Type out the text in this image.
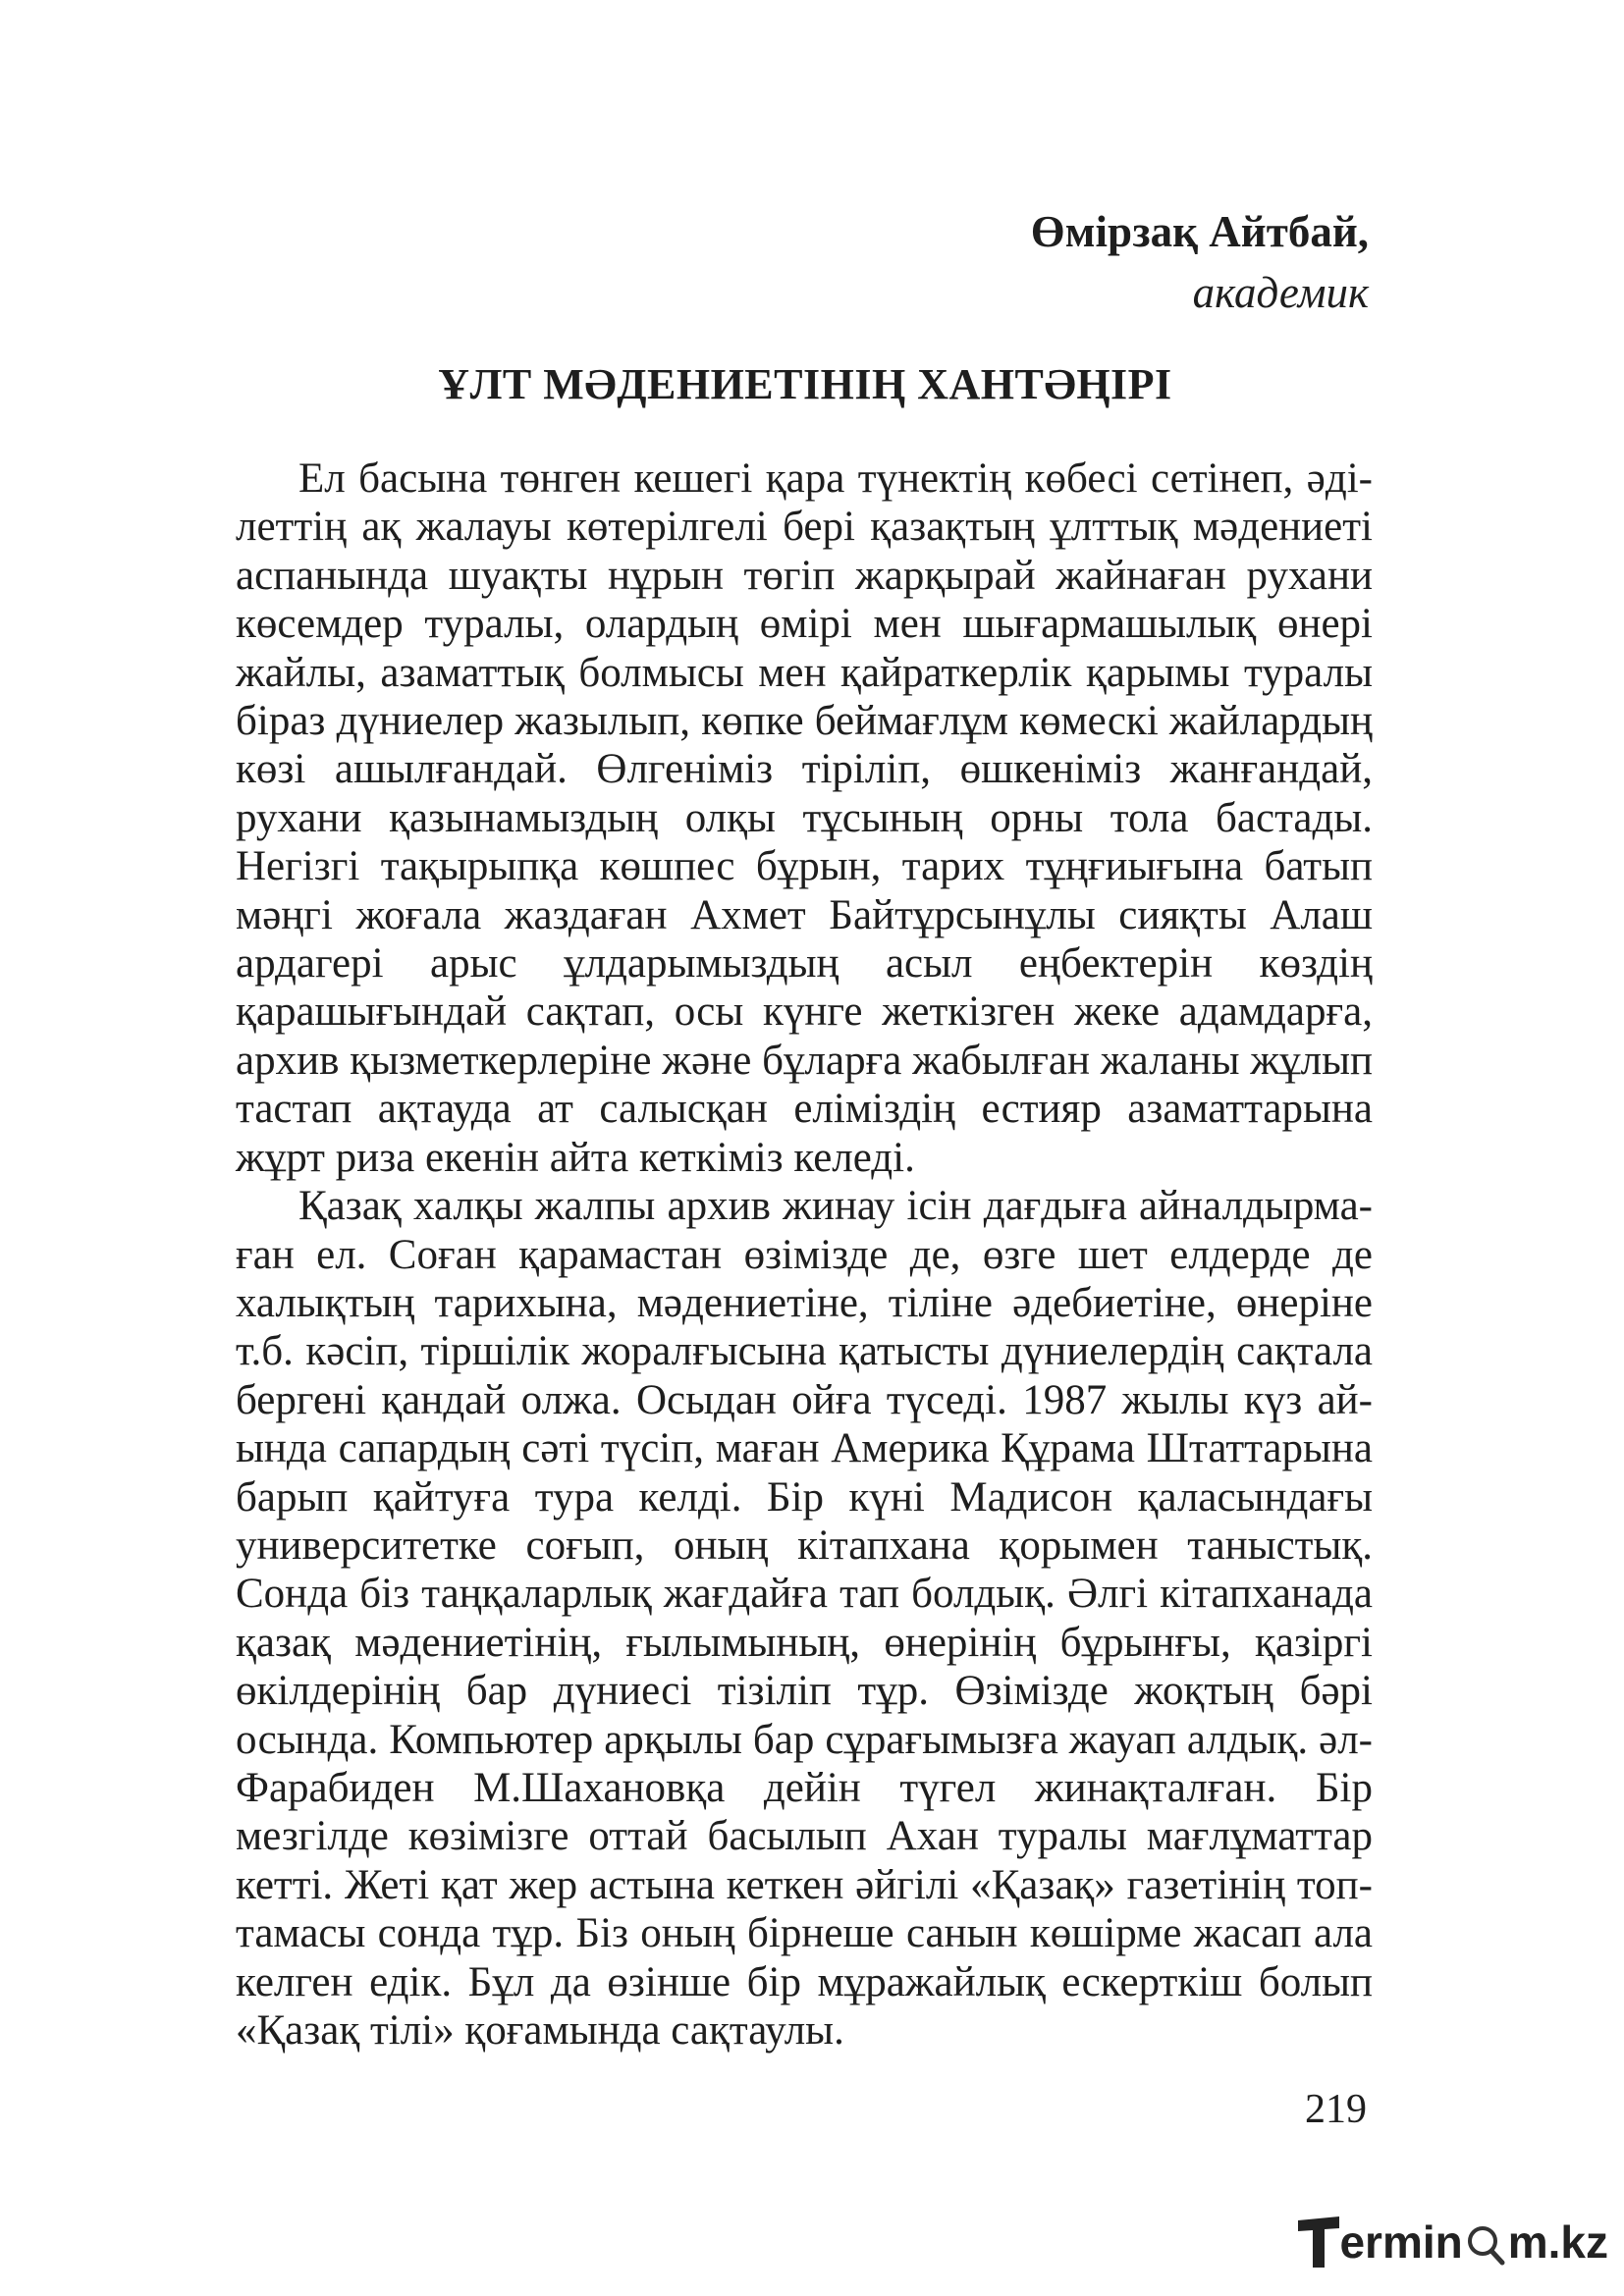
Өмірзақ Айтбай,
академик
ҰЛТ МӘДЕНИЕТІНІҢ ХАНТӘҢІРІ

Ел басына төнген кешегі қара түнектің көбесі сетінеп, әділеттің ақ жалауы көтерілгелі бері қазақтың ұлттық мәдениеті аспанында шуақты нұрын төгіп жарқырай жайнаған рухани көсемдер туралы, олардың өмірі мен шығармашылық өнері жайлы, азаматтық болмысы мен қайраткерлік қарымы туралы біраз дүниелер жазылып, көпке беймағлұм көмескі жайлардың көзі ашылғандай. Өлгеніміз тіріліп, өшкеніміз жанғандай, рухани қазынамыздың олқы тұсының орны тола бастады. Негізгі тақырыпқа көшпес бұрын, тарих тұңғиығына батып мәңгі жоғала жаздаған Ахмет Байтұрсынұлы сияқты Алаш ардагері арыс ұлдарымыздың асыл еңбектерін көздің қарашығындай сақтап, осы күнге жеткізген жеке адамдарға, архив қызметкерлеріне және бұларға жабылған жаланы жұлып тастап ақтауда ат салысқан еліміздің естияр азаматтарына жұрт риза екенін айта кеткіміз келеді.

Қазақ халқы жалпы архив жинау ісін дағдыға айналдырмаған ел. Соған қарамастан өзімізде де, өзге шет елдерде де халықтың тарихына, мәдениетіне, тіліне әдебиетіне, өнеріне т.б. кәсіп, тіршілік жоралғысына қатысты дүниелердің сақтала бергені қандай олжа. Осыдан ойға түседі. 1987 жылы күз айында сапардың сәті түсіп, маған Америка Құрама Штаттарына барып қайтуға тура келді. Бір күні Мадисон қаласындағы университетке соғып, оның кітапхана қорымен таныстық. Сонда біз таңқаларлық жағдайға тап болдық. Әлгі кітапханада қазақ мәдениетінің, ғылымының, өнерінің бұрынғы, қазіргі өкілдерінің бар дүниесі тізіліп тұр. Өзімізде жоқтың бәрі осында. Компьютер арқылы бар сұрағымызға жауап алдық. әл-Фарабиден М.Шахановқа дейін түгел жинақталған. Бір мезгілде көзімізге оттай басылып Ахан туралы мағлұматтар кетті. Жеті қат жер астына кеткен әйгілі «Қазақ» газетінің топтамасы сонда тұр. Біз оның бірнеше санын көшірме жасап ала келген едік. Бұл да өзінше бір мұражайлық ескерткіш болып «Қазақ тілі» қоғамында сақтаулы.

219
ermin m.kz
